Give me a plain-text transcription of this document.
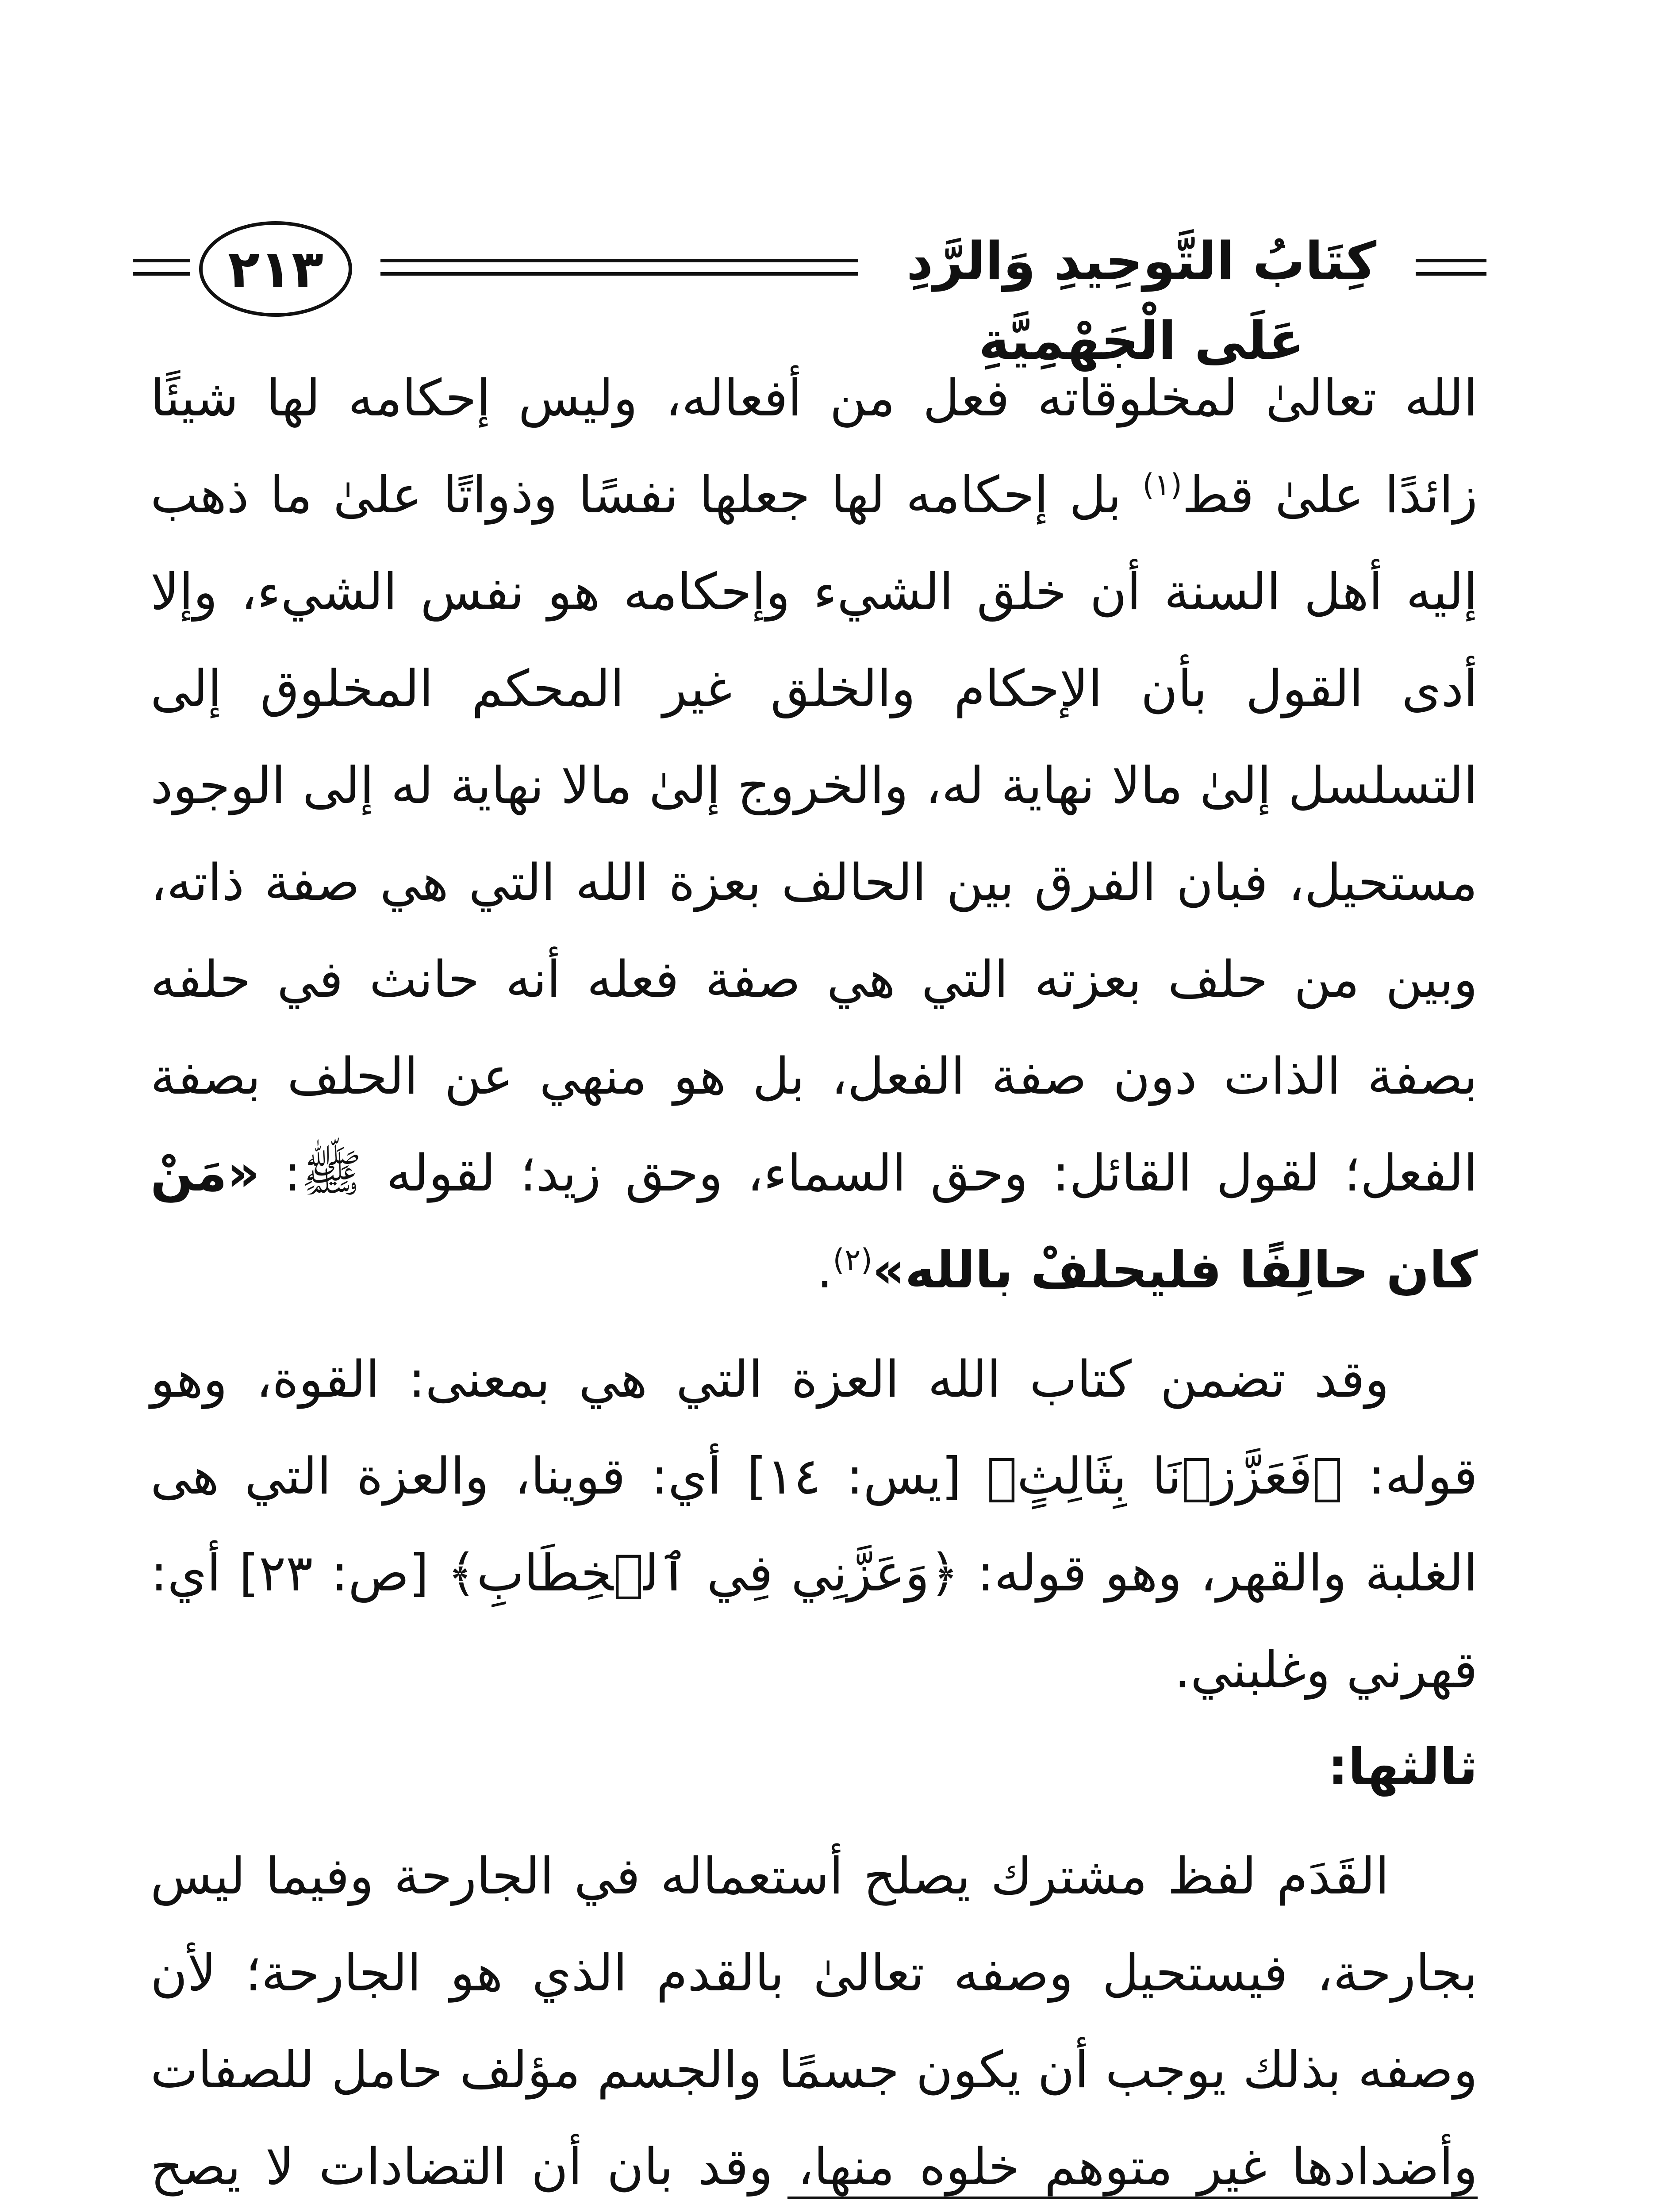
٢١٣	كِتَابُ التَّوحِيدِ وَالرَّدِ عَلَى الْجَهْمِيَّةِ

الله تعالىٰ لمخلوقاته فعل من أفعاله، وليس إحكامه لها شيئًا زائدًا علىٰ قط$^{(١)}$ بل إحكامه لها جعلها نفسًا وذواتًا علىٰ ما ذهب إليه أهل السنة أن خلق الشيء وإحكامه هو نفس الشيء، وإلا أدى القول بأن الإحكام والخلق غير المحكم المخلوق إلى التسلسل إلىٰ مالا نهاية له، والخروج إلىٰ مالا نهاية له إلى الوجود مستحيل، فبان الفرق بين الحالف بعزة الله التي هي صفة ذاته، وبين من حلف بعزته التي هي صفة فعله أنه حانث في حلفه بصفة الذات دون صفة الفعل، بل هو منهي عن الحلف بصفة الفعل؛ لقول القائل: وحق السماء، وحق زيد؛ لقوله ﷺ: «مَنْ كان حالِفًا فليحلفْ بالله»$^{(٢)}$.

وقد تضمن كتاب الله العزة التي هي بمعنى: القوة، وهو قوله: ﴿فَعَزَّزۡنَا بِثَالِثٍ﴾ [يس: ١٤] أي: قوينا، والعزة التي هى الغلبة والقهر، وهو قوله: ﴿وَعَزَّنِي فِي ٱلۡخِطَابِ﴾ [ص: ٢٣] أي: قهرني وغلبني.

ثالثها:

القَدَم لفظ مشترك يصلح أستعماله في الجارحة وفيما ليس بجارحة، فيستحيل وصفه تعالىٰ بالقدم الذي هو الجارحة؛ لأن وصفه بذلك يوجب أن يكون جسمًا والجسم مؤلف حامل للصفات وأضدادها غير متوهم خلوه منها، وقد بان أن التضادات لا يصح
